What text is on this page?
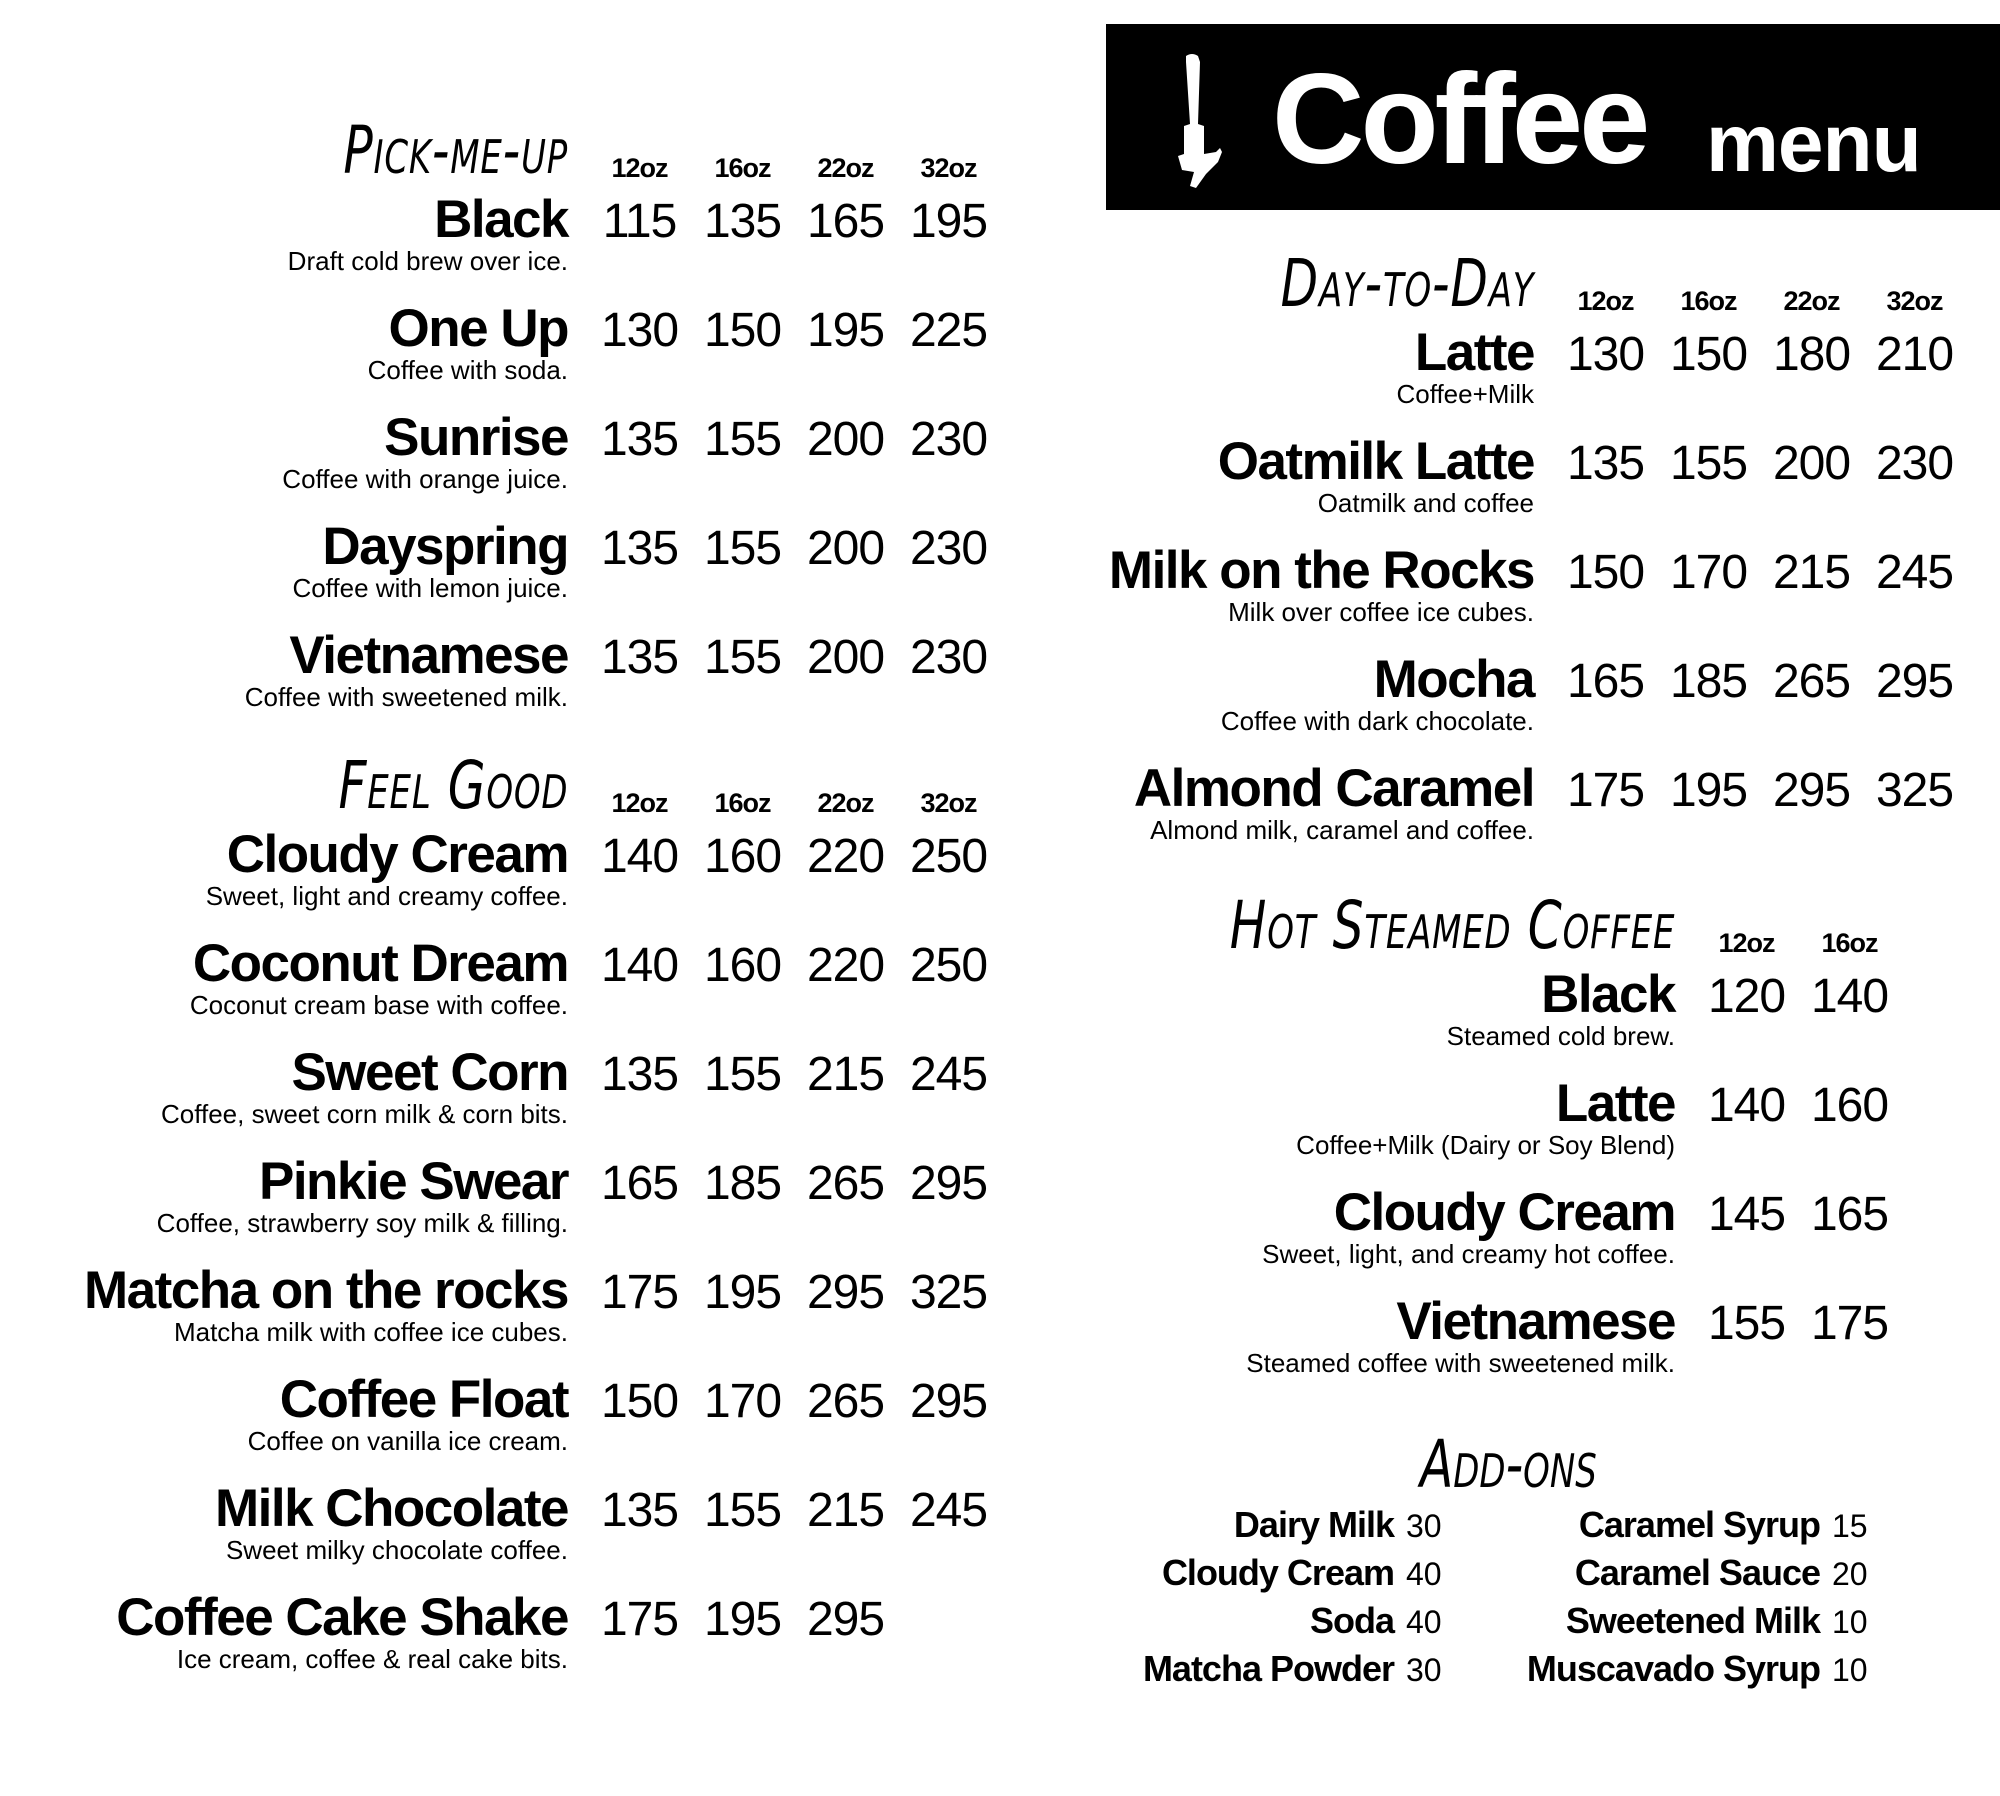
Coffee menu
Pick-me-up	12oz	16oz	22oz	32oz
Black
Draft cold brew over ice.
115 135 165 195
One Up
Coffee with soda.
130 150 195 225
Sunrise
Coffee with orange juice.
135 155 200 230
Dayspring
Coffee with lemon juice.
135 155 200 230
Vietnamese
Coffee with sweetened milk.
135 155 200 230
Feel Good	12oz	16oz	22oz	32oz
Cloudy Cream
Sweet, light and creamy coffee.
140 160 220 250
Coconut Dream
Coconut cream base with coffee.
140 160 220 250
Sweet Corn
Coffee, sweet corn milk & corn bits.
135 155 215 245
Pinkie Swear
Coffee, strawberry soy milk & filling.
165 185 265 295
Matcha on the rocks
Matcha milk with coffee ice cubes.
175 195 295 325
Coffee Float
Coffee on vanilla ice cream.
150 170 265 295
Milk Chocolate
Sweet milky chocolate coffee.
135 155 215 245
Coffee Cake Shake
Ice cream, coffee & real cake bits.
175 195 295
Day-to-Day	12oz	16oz	22oz	32oz
Latte
Coffee+Milk
130 150 180 210
Oatmilk Latte
Oatmilk and coffee
135 155 200 230
Milk on the Rocks
Milk over coffee ice cubes.
150 170 215 245
Mocha
Coffee with dark chocolate.
165 185 265 295
Almond Caramel
Almond milk, caramel and coffee.
175 195 295 325
Hot Steamed Coffee	12oz	16oz
Black
Steamed cold brew.
120 140
Latte
Coffee+Milk (Dairy or Soy Blend)
140 160
Cloudy Cream
Sweet, light, and creamy hot coffee.
145 165
Vietnamese
Steamed coffee with sweetened milk.
155 175
Add-ons
Dairy Milk 30
Cloudy Cream 40
Soda 40
Matcha Powder 30
Caramel Syrup 15
Caramel Sauce 20
Sweetened Milk 10
Muscavado Syrup 10
